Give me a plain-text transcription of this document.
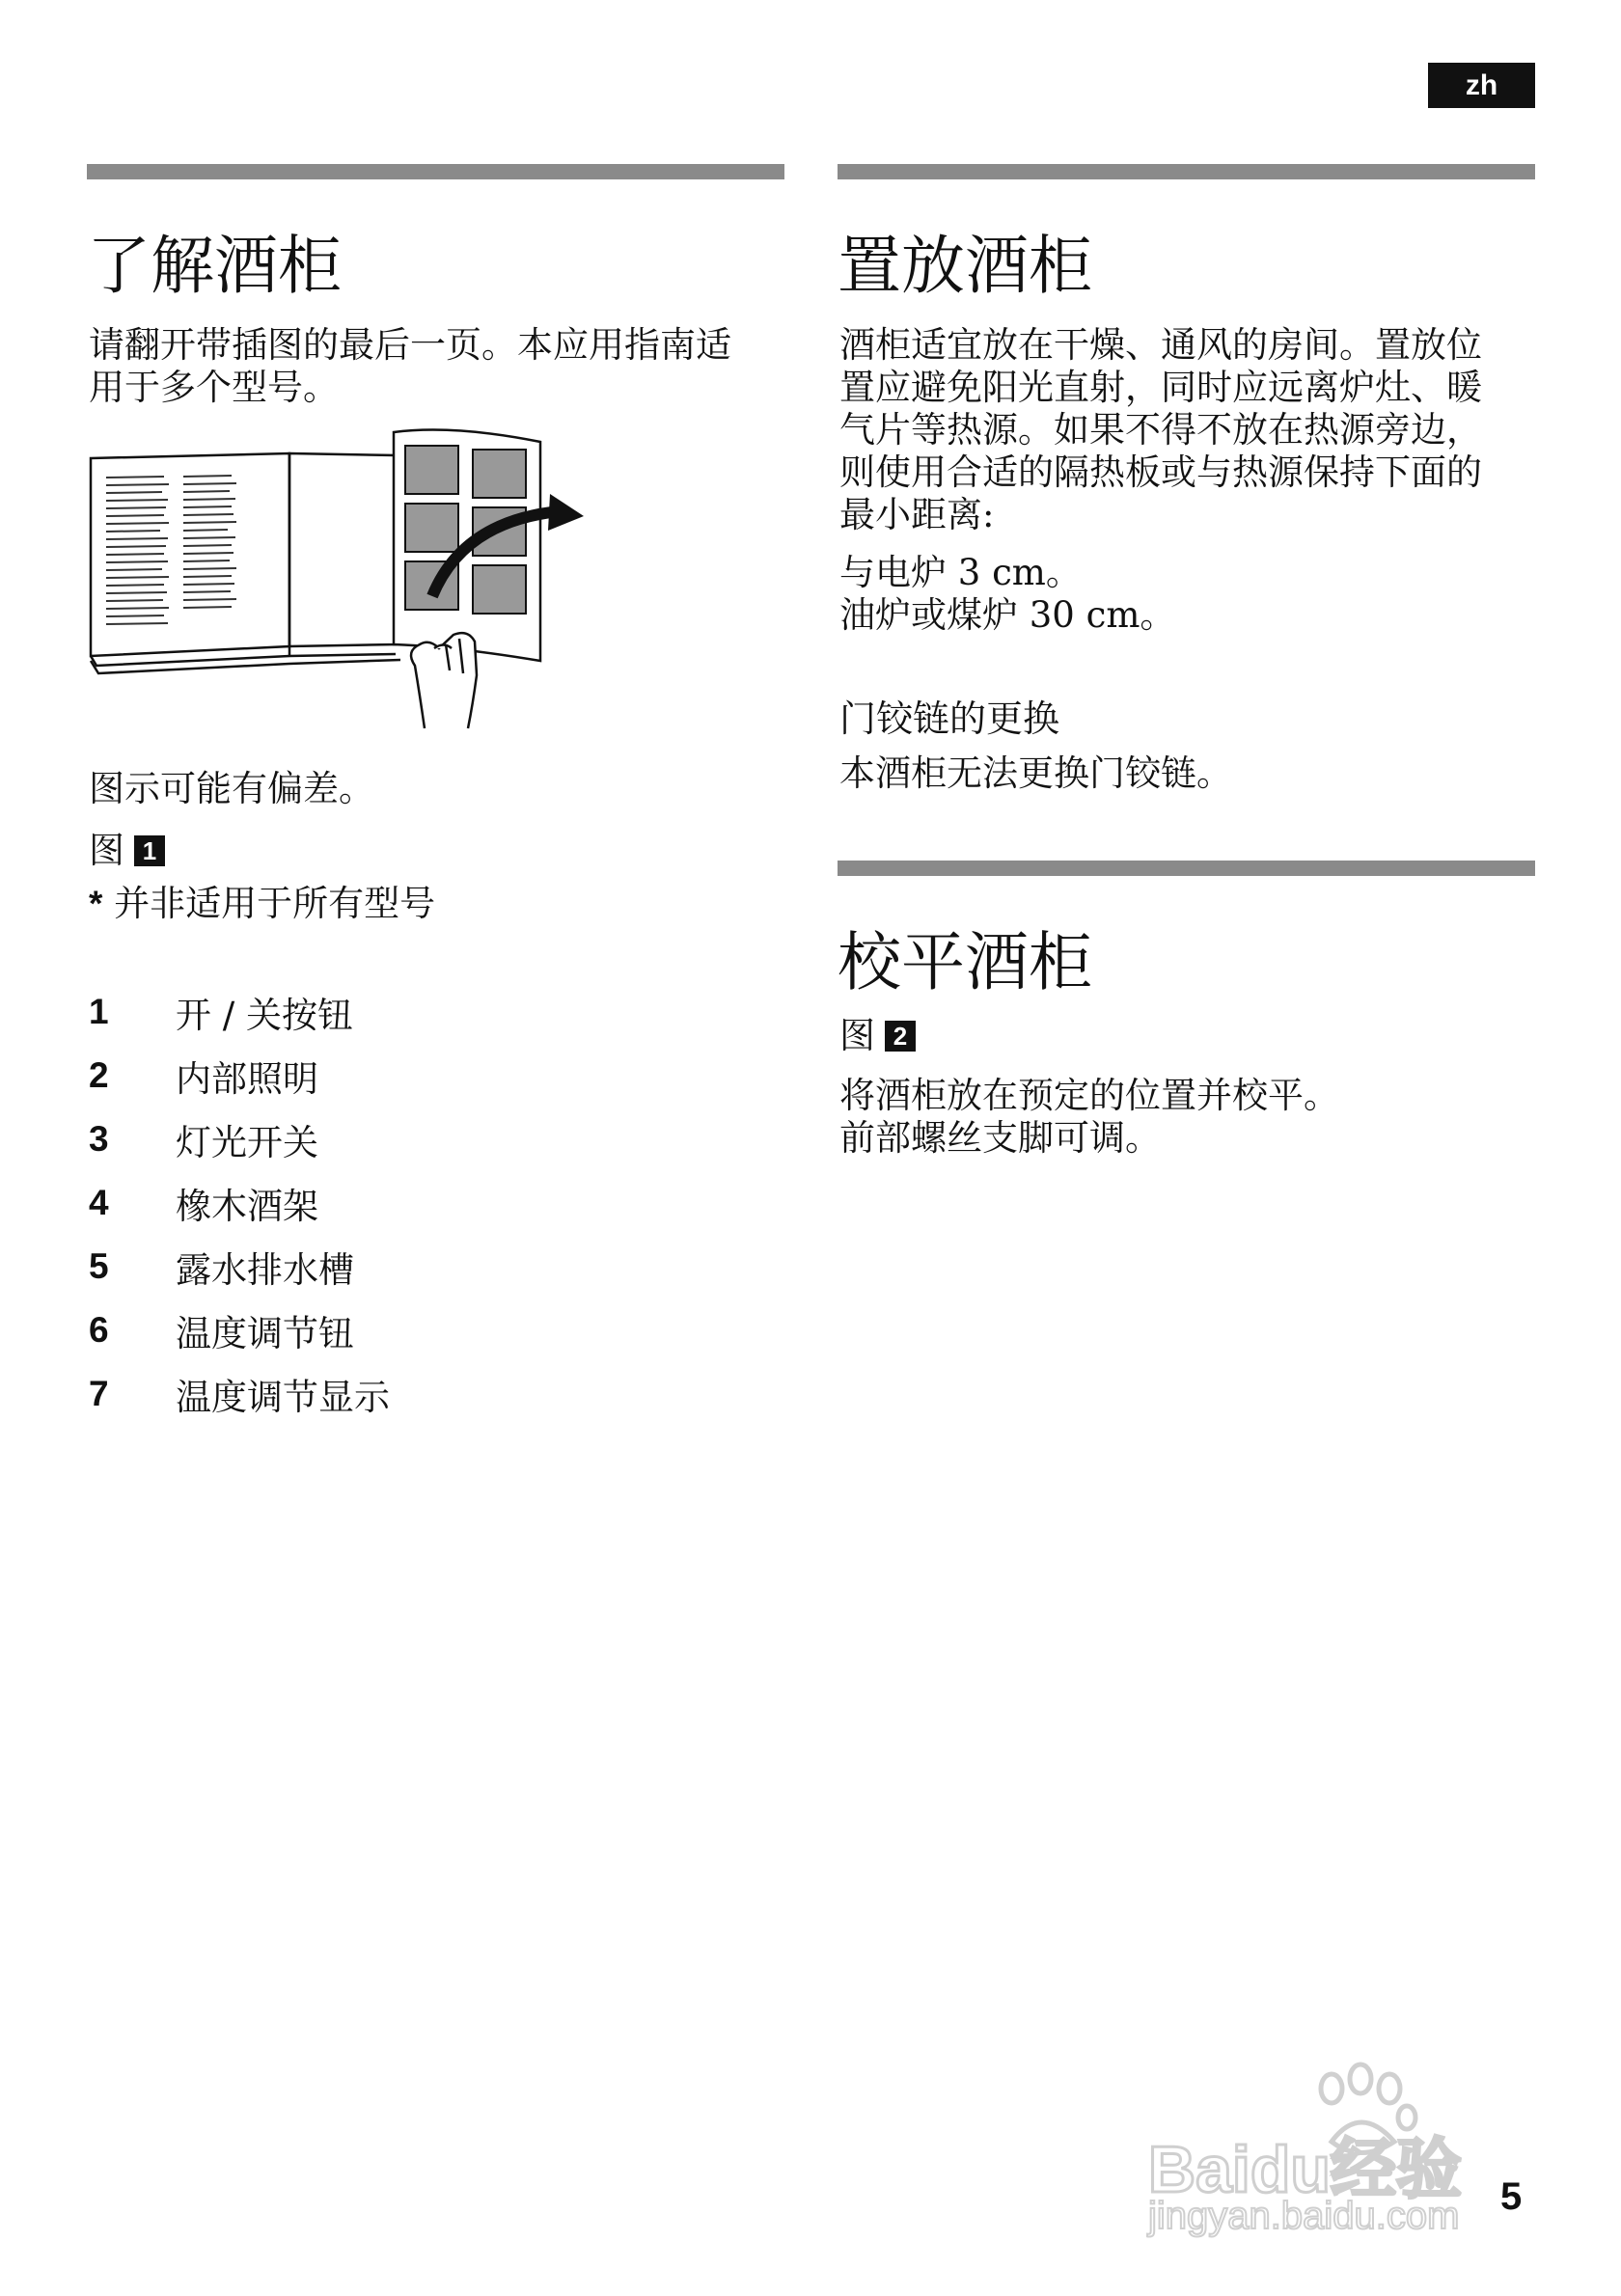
zh
了解酒柜
请翻开带插图的最后一页。本应用指南适
用于多个型号。
图示可能有偏差。
图 1
* 并非适用于所有型号
1	开 / 关按钮
2	内部照明
3	灯光开关
4	橡木酒架
5	露水排水槽
6	温度调节钮
7	温度调节显示
置放酒柜
酒柜适宜放在干燥、通风的房间。置放位
置应避免阳光直射，同时应远离炉灶、暖
气片等热源。如果不得不放在热源旁边，
则使用合适的隔热板或与热源保持下面的
最小距离:
与电炉 3 cm。
油炉或煤炉 30 cm。
门铰链的更换
本酒柜无法更换门铰链。
校平酒柜
图 2
将酒柜放在预定的位置并校平。
前部螺丝支脚可调。
Baidu经验
jingyan.baidu.com 5
